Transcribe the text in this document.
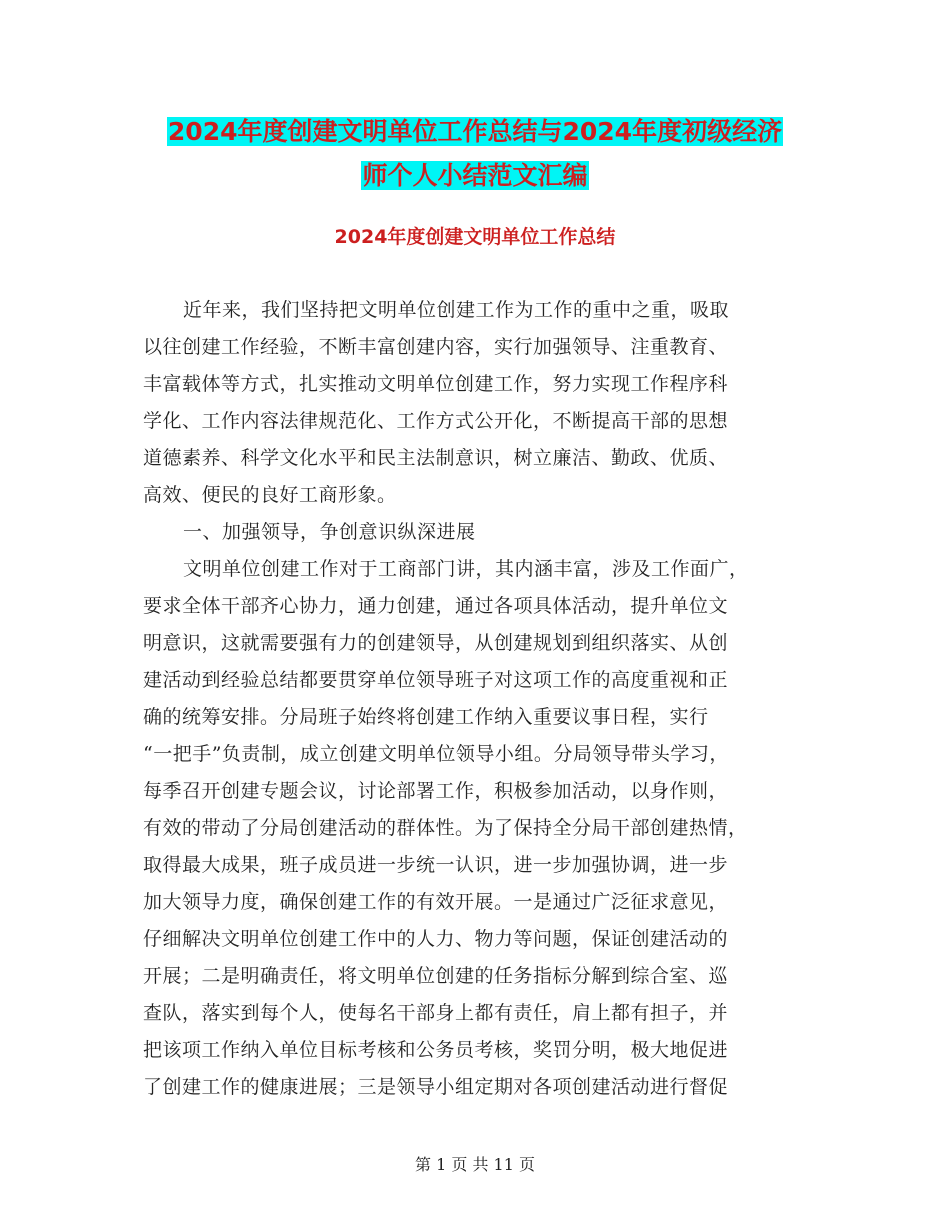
2024年度创建文明单位工作总结与2024年度初级经济
师个人小结范文汇编
2024年度创建文明单位工作总结
近年来，我们坚持把文明单位创建工作为工作的重中之重，吸取
以往创建工作经验，不断丰富创建内容，实行加强领导、注重教育、
丰富载体等方式，扎实推动文明单位创建工作，努力实现工作程序科
学化、工作内容法律规范化、工作方式公开化，不断提高干部的思想
道德素养、科学文化水平和民主法制意识，树立廉洁、勤政、优质、
高效、便民的良好工商形象。
一、加强领导，争创意识纵深进展
文明单位创建工作对于工商部门讲，其内涵丰富，涉及工作面广，
要求全体干部齐心协力，通力创建，通过各项具体活动，提升单位文
明意识，这就需要强有力的创建领导，从创建规划到组织落实、从创
建活动到经验总结都要贯穿单位领导班子对这项工作的高度重视和正
确的统筹安排。分局班子始终将创建工作纳入重要议事日程，实行
“一把手”负责制，成立创建文明单位领导小组。分局领导带头学习，
每季召开创建专题会议，讨论部署工作，积极参加活动，以身作则，
有效的带动了分局创建活动的群体性。为了保持全分局干部创建热情，
取得最大成果，班子成员进一步统一认识，进一步加强协调，进一步
加大领导力度，确保创建工作的有效开展。一是通过广泛征求意见，
仔细解决文明单位创建工作中的人力、物力等问题，保证创建活动的
开展；二是明确责任，将文明单位创建的任务指标分解到综合室、巡
查队，落实到每个人，使每名干部身上都有责任，肩上都有担子，并
把该项工作纳入单位目标考核和公务员考核，奖罚分明，极大地促进
了创建工作的健康进展；三是领导小组定期对各项创建活动进行督促
第 1 页 共 11 页
